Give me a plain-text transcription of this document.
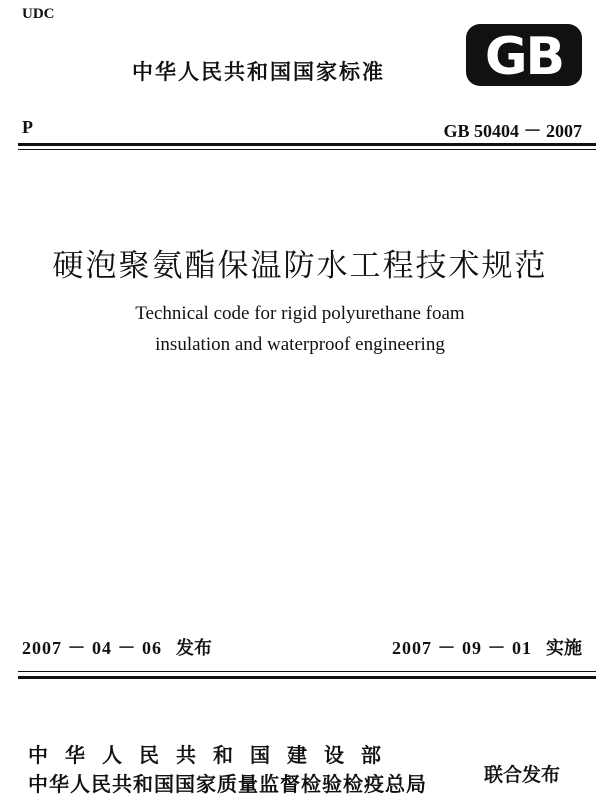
UDC
中华人民共和国国家标准 GB
P	GB 50404 － 2007
硬泡聚氨酯保温防水工程技术规范
Technical code for rigid polyurethane foam
insulation and waterproof engineering
2007 － 04 － 06 发布	2007 － 09 － 01 实施
中华人民共和国建设部
中华人民共和国国家质量监督检验检疫总局	联合发布
